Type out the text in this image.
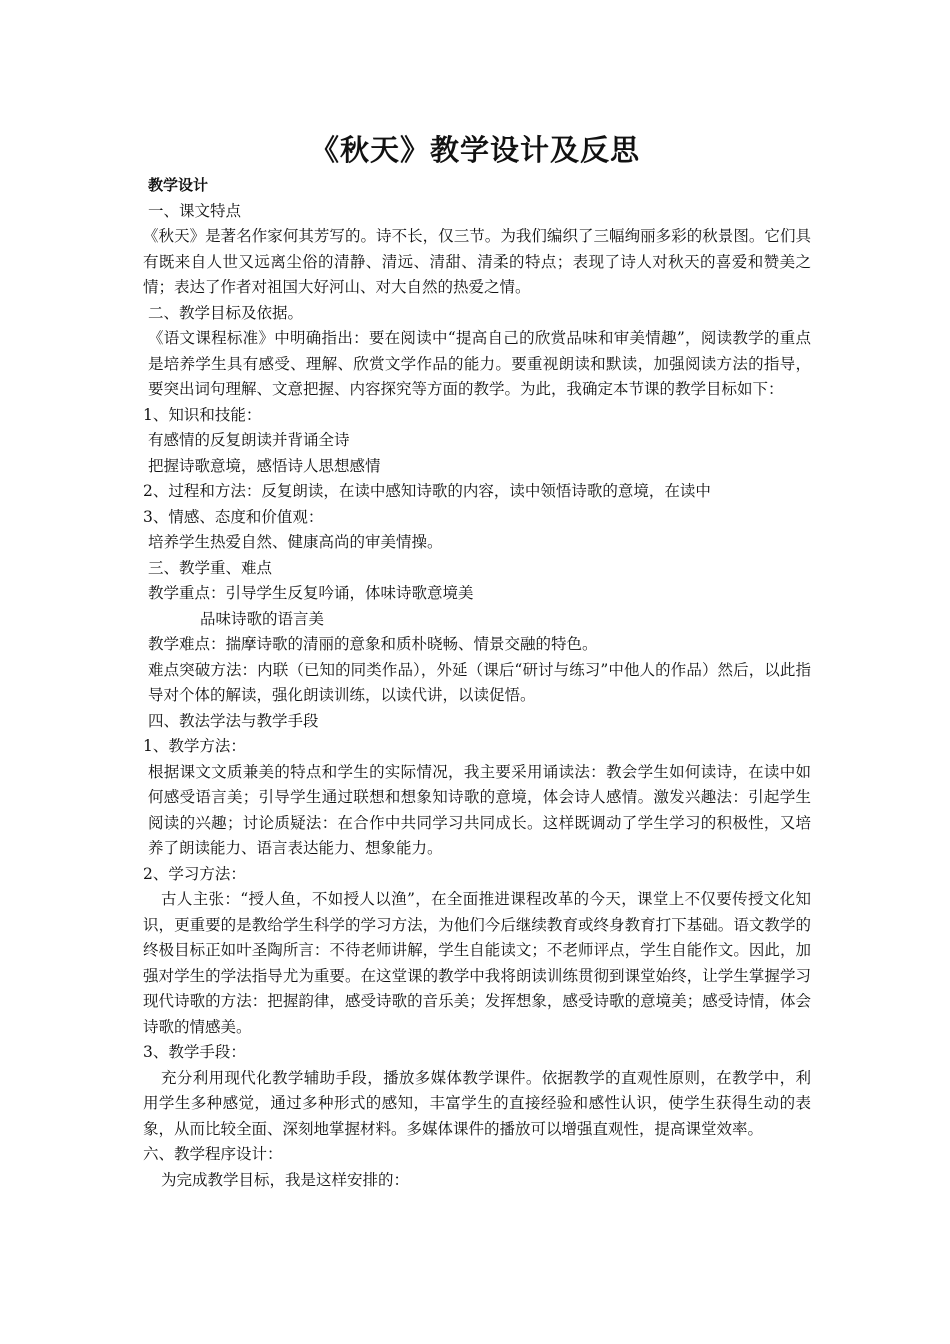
《秋天》教学设计及反思

教学设计

一、课文特点

《秋天》是著名作家何其芳写的。诗不长，仅三节。为我们编织了三幅绚丽多彩的秋景图。它们具有既来自人世又远离尘俗的清静、清远、清甜、清柔的特点；表现了诗人对秋天的喜爱和赞美之情；表达了作者对祖国大好河山、对大自然的热爱之情。

二、教学目标及依据。

《语文课程标准》中明确指出：要在阅读中“提高自己的欣赏品味和审美情趣”，阅读教学的重点是培养学生具有感受、理解、欣赏文学作品的能力。要重视朗读和默读，加强阅读方法的指导，要突出词句理解、文意把握、内容探究等方面的教学。为此，我确定本节课的教学目标如下：

1、知识和技能：

有感情的反复朗读并背诵全诗

把握诗歌意境，感悟诗人思想感情

2、过程和方法：反复朗读，在读中感知诗歌的内容，读中领悟诗歌的意境，在读中

3、情感、态度和价值观：

培养学生热爱自然、健康高尚的审美情操。

三、教学重、难点

教学重点：引导学生反复吟诵，体味诗歌意境美

品味诗歌的语言美

教学难点：揣摩诗歌的清丽的意象和质朴晓畅、情景交融的特色。

难点突破方法：内联（已知的同类作品），外延（课后“研讨与练习”中他人的作品）然后，以此指导对个体的解读，强化朗读训练，以读代讲，以读促悟。

四、教法学法与教学手段

1、教学方法：

根据课文文质兼美的特点和学生的实际情况，我主要采用诵读法：教会学生如何读诗，在读中如何感受语言美；引导学生通过联想和想象知诗歌的意境，体会诗人感情。激发兴趣法：引起学生阅读的兴趣；讨论质疑法：在合作中共同学习共同成长。这样既调动了学生学习的积极性，又培养了朗读能力、语言表达能力、想象能力。

2、学习方法：

古人主张：“授人鱼，不如授人以渔”，在全面推进课程改革的今天，课堂上不仅要传授文化知识，更重要的是教给学生科学的学习方法，为他们今后继续教育或终身教育打下基础。语文教学的终极目标正如叶圣陶所言：不待老师讲解，学生自能读文；不老师评点，学生自能作文。因此，加强对学生的学法指导尤为重要。在这堂课的教学中我将朗读训练贯彻到课堂始终，让学生掌握学习现代诗歌的方法：把握韵律，感受诗歌的音乐美；发挥想象，感受诗歌的意境美；感受诗情，体会诗歌的情感美。

3、教学手段：

充分利用现代化教学辅助手段，播放多媒体教学课件。依据教学的直观性原则，在教学中，利用学生多种感觉，通过多种形式的感知，丰富学生的直接经验和感性认识，使学生获得生动的表象，从而比较全面、深刻地掌握材料。多媒体课件的播放可以增强直观性，提高课堂效率。

六、教学程序设计：

为完成教学目标，我是这样安排的：
